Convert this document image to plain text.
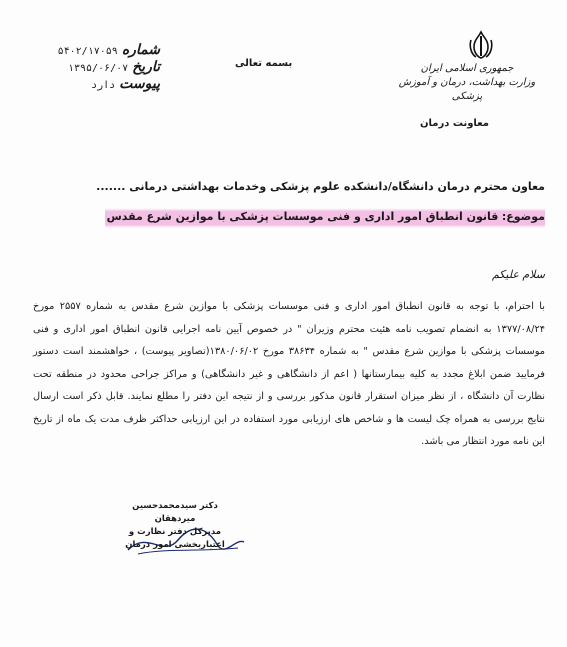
جمهوری اسلامی ایران
وزارت بهداشت، درمان و آموزش پزشکی
معاونت درمان
بسمه تعالی
شماره
۵۴۰۲/۱۷۰۵۹
تاریخ
۱۳۹۵/۰۶/۰۷
پیوست
دارد
معاون محترم درمان دانشگاه/دانشکده علوم پزشکی وخدمات بهداشتی درمانی .......
موضوع: قانون انطباق امور اداری و فنی موسسات پزشکی با موازین شرع مقدس
سلام علیکم
با احترام، با توجه به قانون انطباق امور اداری و فنی موسسات پزشکی با موازین شرع مقدس به شماره ۲۵۵۷ مورخ ۱۳۷۷/۰۸/۲۴ به انضمام تصویب نامه هئیت محترم وزیران " در خصوص آیین نامه اجرایی قانون انطباق امور اداری و فنی موسسات پزشکی با موازین شرع مقدس " به شماره ۳۸۶۳۴ مورخ ۱۳۸۰/۰۶/۰۲(تصاویر پیوست) ، خواهشمند است دستور فرمایید ضمن ابلاغ مجدد به کلیه بیمارستانها ( اعم از دانشگاهی و غیر دانشگاهی) و مراکز جراحی محدود در منطقه تحت نظارت آن دانشگاه ، از نظر میزان استقرار قانون مذکور بررسی و از نتیجه این دفتر را مطلع نمایند. قابل ذکر است ارسال نتایج بررسی به همراه چک لیست ها و شاخص های ارزیابی مورد استفاده در این ارزیابی حداکثر ظرف مدت یک ماه از تاریخ این نامه مورد انتظار می باشد.
دکتر سیدمحمدحسین میردهقان
مدیرکل دفتر نظارت و
اعتباربخشی امور درمان
